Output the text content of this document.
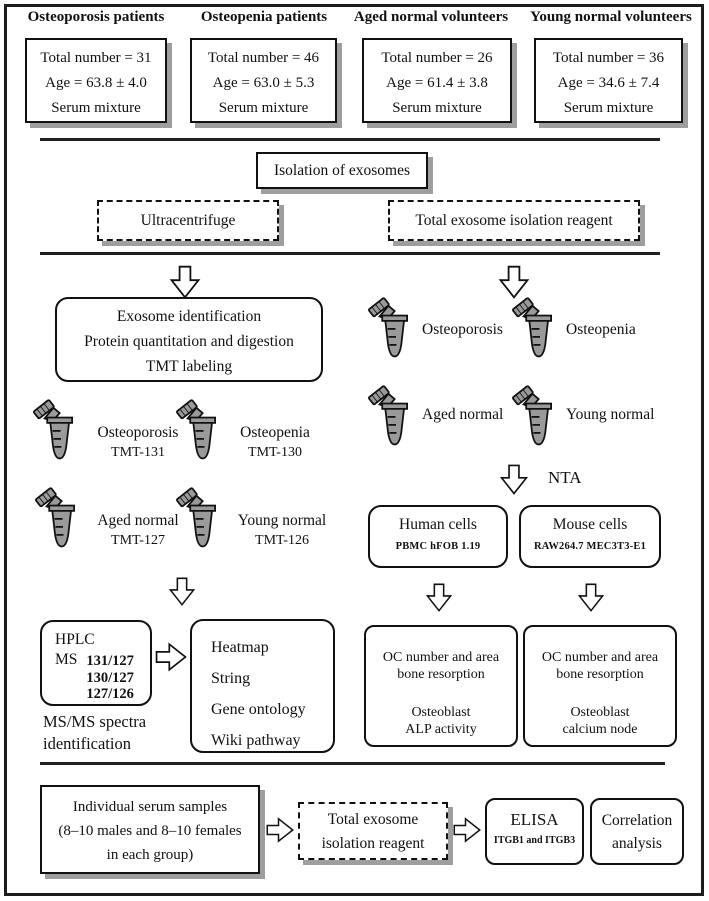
Osteoporosis patients	Osteopenia patients	Aged normal volunteers	Young normal volunteers
Total number = 31
Age = 63.8 ± 4.0
Serum mixture
Total number = 46
Age = 63.0 ± 5.3
Serum mixture
Total number = 26
Age = 61.4 ± 3.8
Serum mixture
Total number = 36
Age = 34.6 ± 7.4
Serum mixture
Isolation of exosomes
Ultracentrifuge	Total exosome isolation reagent
Exosome identification
Protein quantitation and digestion
TMT labeling
Osteoporosis	Osteopenia
Aged normal	Young normal
Osteoporosis
TMT-131
Osteopenia
TMT-130
Aged normal
TMT-127
Young normal
TMT-126
NTA
Human cells
PBMC hFOB 1.19
Mouse cells
RAW264.7 MEC3T3-E1
HPLC
MS 131/127
130/127
127/126
Heatmap
String
Gene ontology
Wiki pathway
MS/MS spectra
identification
OC number and area
bone resorption
Osteoblast
ALP activity
OC number and area
bone resorption
Osteoblast
calcium node
Individual serum samples
(8–10 males and 8–10 females
in each group)
Total exosome
isolation reagent
ELISA
ITGB1 and ITGB3
Correlation
analysis
